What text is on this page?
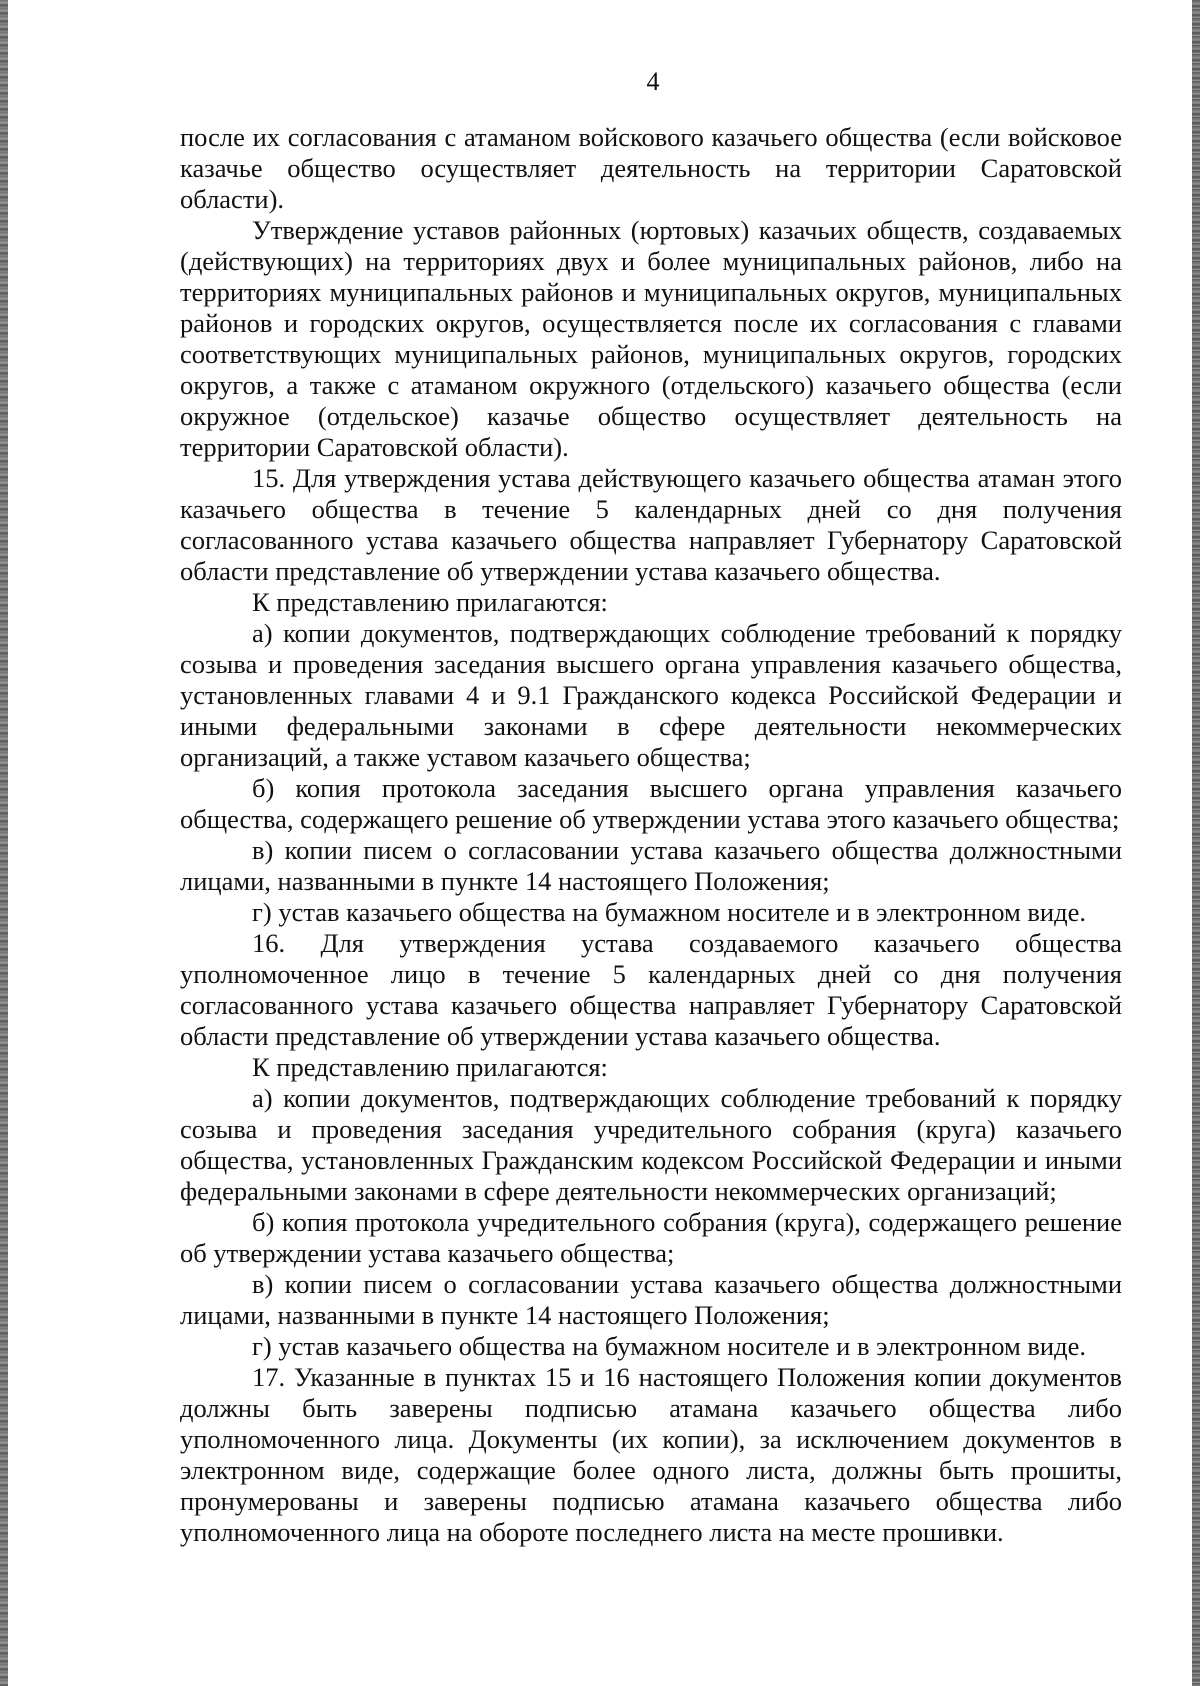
4

после их согласования с атаманом войскового казачьего общества (если войсковое казачье общество осуществляет деятельность на территории Саратовской области).

Утверждение уставов районных (юртовых) казачьих обществ, создаваемых (действующих) на территориях двух и более муниципальных районов, либо на территориях муниципальных районов и муниципальных округов, муниципальных районов и городских округов, осуществляется после их согласования с главами соответствующих муниципальных районов, муниципальных округов, городских округов, а также с атаманом окружного (отдельского) казачьего общества (если окружное (отдельское) казачье общество осуществляет деятельность на территории Саратовской области).

15. Для утверждения устава действующего казачьего общества атаман этого казачьего общества в течение 5 календарных дней со дня получения согласованного устава казачьего общества направляет Губернатору Саратовской области представление об утверждении устава казачьего общества.

К представлению прилагаются:

а) копии документов, подтверждающих соблюдение требований к порядку созыва и проведения заседания высшего органа управления казачьего общества, установленных главами 4 и 9.1 Гражданского кодекса Российской Федерации и иными федеральными законами в сфере деятельности некоммерческих организаций, а также уставом казачьего общества;

б) копия протокола заседания высшего органа управления казачьего общества, содержащего решение об утверждении устава этого казачьего общества;

в) копии писем о согласовании устава казачьего общества должностными лицами, названными в пункте 14 настоящего Положения;

г) устав казачьего общества на бумажном носителе и в электронном виде.

16. Для утверждения устава создаваемого казачьего общества уполномоченное лицо в течение 5 календарных дней со дня получения согласованного устава казачьего общества направляет Губернатору Саратовской области представление об утверждении устава казачьего общества.

К представлению прилагаются:

а) копии документов, подтверждающих соблюдение требований к порядку созыва и проведения заседания учредительного собрания (круга) казачьего общества, установленных Гражданским кодексом Российской Федерации и иными федеральными законами в сфере деятельности некоммерческих организаций;

б) копия протокола учредительного собрания (круга), содержащего решение об утверждении устава казачьего общества;

в) копии писем о согласовании устава казачьего общества должностными лицами, названными в пункте 14 настоящего Положения;

г) устав казачьего общества на бумажном носителе и в электронном виде.

17. Указанные в пунктах 15 и 16 настоящего Положения копии документов должны быть заверены подписью атамана казачьего общества либо уполномоченного лица. Документы (их копии), за исключением документов в электронном виде, содержащие более одного листа, должны быть прошиты, пронумерованы и заверены подписью атамана казачьего общества либо уполномоченного лица на обороте последнего листа на месте прошивки.
